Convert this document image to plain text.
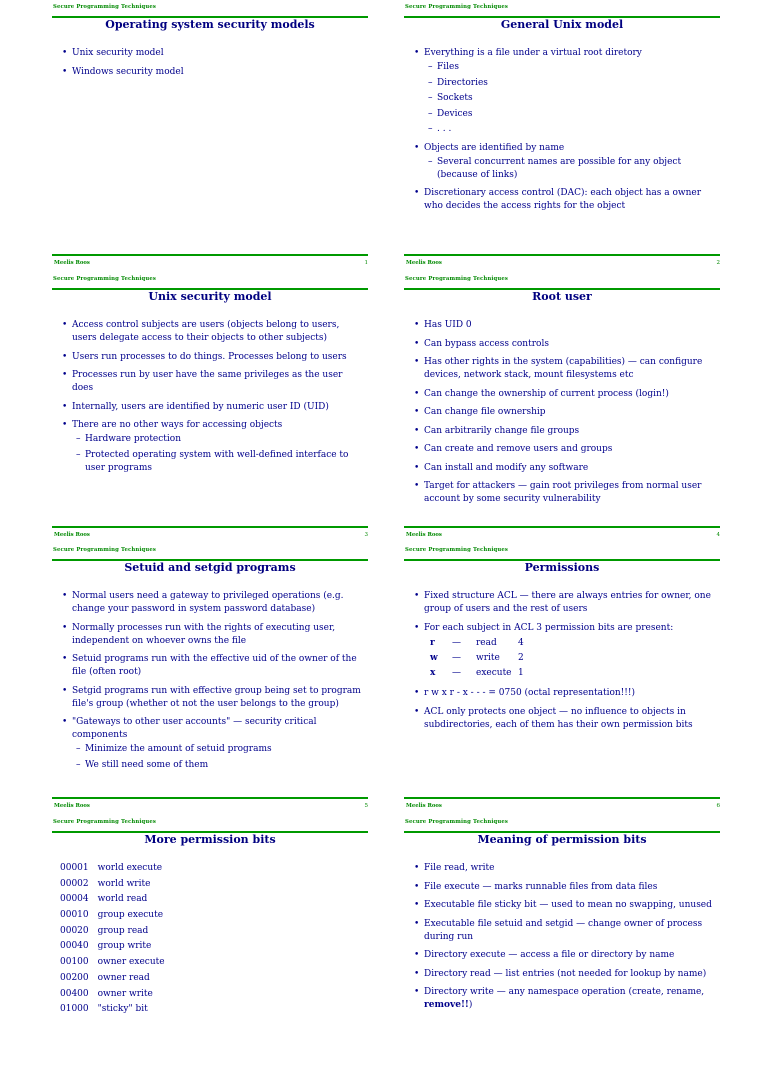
Secure Programming Techniques
Operating system security models
• Unix security model
• Windows security model
Meelis Roos	1
Secure Programming Techniques
General Unix model
• Everything is a file under a virtual root diretory
– Files
– Directories
– Sockets
– Devices
– . . .
• Objects are identified by name
– Several concurrent names are possible for any object (because of links)
• Discretionary access control (DAC): each object has a owner who decides the access rights for the object
Meelis Roos	2
Secure Programming Techniques
Unix security model
• Access control subjects are users (objects belong to users, users delegate access to their objects to other subjects)
• Users run processes to do things. Processes belong to users
• Processes run by user have the same privileges as the user does
• Internally, users are identified by numeric user ID (UID)
• There are no other ways for accessing objects
– Hardware protection
– Protected operating system with well-defined interface to user programs
Meelis Roos	3
Secure Programming Techniques
Root user
• Has UID 0
• Can bypass access controls
• Has other rights in the system (capabilities) — can configure devices, network stack, mount filesystems etc
• Can change the ownership of current process (login!)
• Can change file ownership
• Can arbitrarily change file groups
• Can create and remove users and groups
• Can install and modify any software
• Target for attackers — gain root privileges from normal user account by some security vulnerability
Meelis Roos	4
Secure Programming Techniques
Setuid and setgid programs
• Normal users need a gateway to privileged operations (e.g. change your password in system password database)
• Normally processes run with the rights of executing user, independent on whoever owns the file
• Setuid programs run with the effective uid of the owner of the file (often root)
• Setgid programs run with effective group being set to program file's group (whether ot not the user belongs to the group)
• "Gateways to other user accounts" — security critical components
– Minimize the amount of setuid programs
– We still need some of them
Meelis Roos	5
Secure Programming Techniques
Permissions
• Fixed structure ACL — there are always entries for owner, one group of users and the rest of users
• For each subject in ACL 3 permission bits are present:
r	—	read	4
w	—	write	2
x	—	execute	1
• r w x r - x - - - = 0750 (octal representation!!!)
• ACL only protects one object — no influence to objects in subdirectories, each of them has their own permission bits
Meelis Roos	6
Secure Programming Techniques
More permission bits
00001	world execute
00002	world write
00004	world read
00010	group execute
00020	group read
00040	group write
00100	owner execute
00200	owner read
00400	owner write
01000	"sticky" bit
Secure Programming Techniques
Meaning of permission bits
• File read, write
• File execute — marks runnable files from data files
• Executable file sticky bit — used to mean no swapping, unused
• Executable file setuid and setgid — change owner of process during run
• Directory execute — access a file or directory by name
• Directory read — list entries (not needed for lookup by name)
• Directory write — any namespace operation (create, rename, remove!!)
